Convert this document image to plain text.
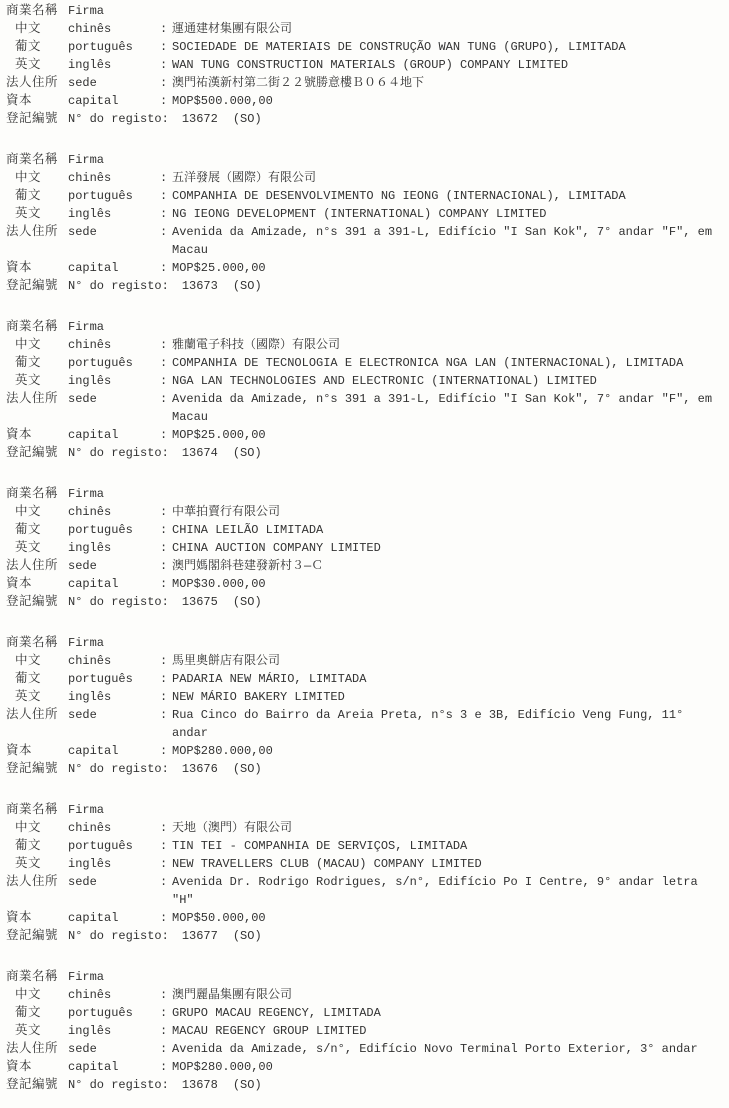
商業名稱 Firma
中文	chinês	: 運通建材集團有限公司
葡文	português	: SOCIEDADE DE MATERIAIS DE CONSTRUÇÃO WAN TUNG (GRUPO), LIMITADA
英文	inglês	: WAN TUNG CONSTRUCTION MATERIALS (GROUP) COMPANY LIMITED
法人住所 sede	: 澳門祐漢新村第二街２２號勝意樓Ｂ０６４地下
資本	capital	: MOP$500.000,00
登記編號 N° do registo: 13672 (SO)
商業名稱 Firma
中文	chinês	: 五洋發展（國際）有限公司
葡文	português	: COMPANHIA DE DESENVOLVIMENTO NG IEONG (INTERNACIONAL), LIMITADA
英文	inglês	: NG IEONG DEVELOPMENT (INTERNATIONAL) COMPANY LIMITED
法人住所 sede	: Avenida da Amizade, n°s 391 a 391-L, Edifício "I San Kok", 7° andar "F", em Macau
資本	capital	: MOP$25.000,00
登記編號 N° do registo: 13673 (SO)
商業名稱 Firma
中文	chinês	: 雅蘭電子科技（國際）有限公司
葡文	português	: COMPANHIA DE TECNOLOGIA E ELECTRONICA NGA LAN (INTERNACIONAL), LIMITADA
英文	inglês	: NGA LAN TECHNOLOGIES AND ELECTRONIC (INTERNATIONAL) LIMITED
法人住所 sede	: Avenida da Amizade, n°s 391 a 391-L, Edifício "I San Kok", 7° andar "F", em Macau
資本	capital	: MOP$25.000,00
登記編號 N° do registo: 13674 (SO)
商業名稱 Firma
中文	chinês	: 中華拍賣行有限公司
葡文	português	: CHINA LEILÃO LIMITADA
英文	inglês	: CHINA AUCTION COMPANY LIMITED
法人住所 sede	: 澳門媽閣斜巷建發新村３—Ｃ
資本	capital	: MOP$30.000,00
登記編號 N° do registo: 13675 (SO)
商業名稱 Firma
中文	chinês	: 馬里奧餅店有限公司
葡文	português	: PADARIA NEW MÁRIO, LIMITADA
英文	inglês	: NEW MÁRIO BAKERY LIMITED
法人住所 sede	: Rua Cinco do Bairro da Areia Preta, n°s 3 e 3B, Edifício Veng Fung, 11° andar
資本	capital	: MOP$280.000,00
登記編號 N° do registo: 13676 (SO)
商業名稱 Firma
中文	chinês	: 天地（澳門）有限公司
葡文	português	: TIN TEI - COMPANHIA DE SERVIÇOS, LIMITADA
英文	inglês	: NEW TRAVELLERS CLUB (MACAU) COMPANY LIMITED
法人住所 sede	: Avenida Dr. Rodrigo Rodrigues, s/n°, Edifício Po I Centre, 9° andar letra "H"
資本	capital	: MOP$50.000,00
登記編號 N° do registo: 13677 (SO)
商業名稱 Firma
中文	chinês	: 澳門麗晶集團有限公司
葡文	português	: GRUPO MACAU REGENCY, LIMITADA
英文	inglês	: MACAU REGENCY GROUP LIMITED
法人住所 sede	: Avenida da Amizade, s/n°, Edifício Novo Terminal Porto Exterior, 3° andar
資本	capital	: MOP$280.000,00
登記編號 N° do registo: 13678 (SO)
